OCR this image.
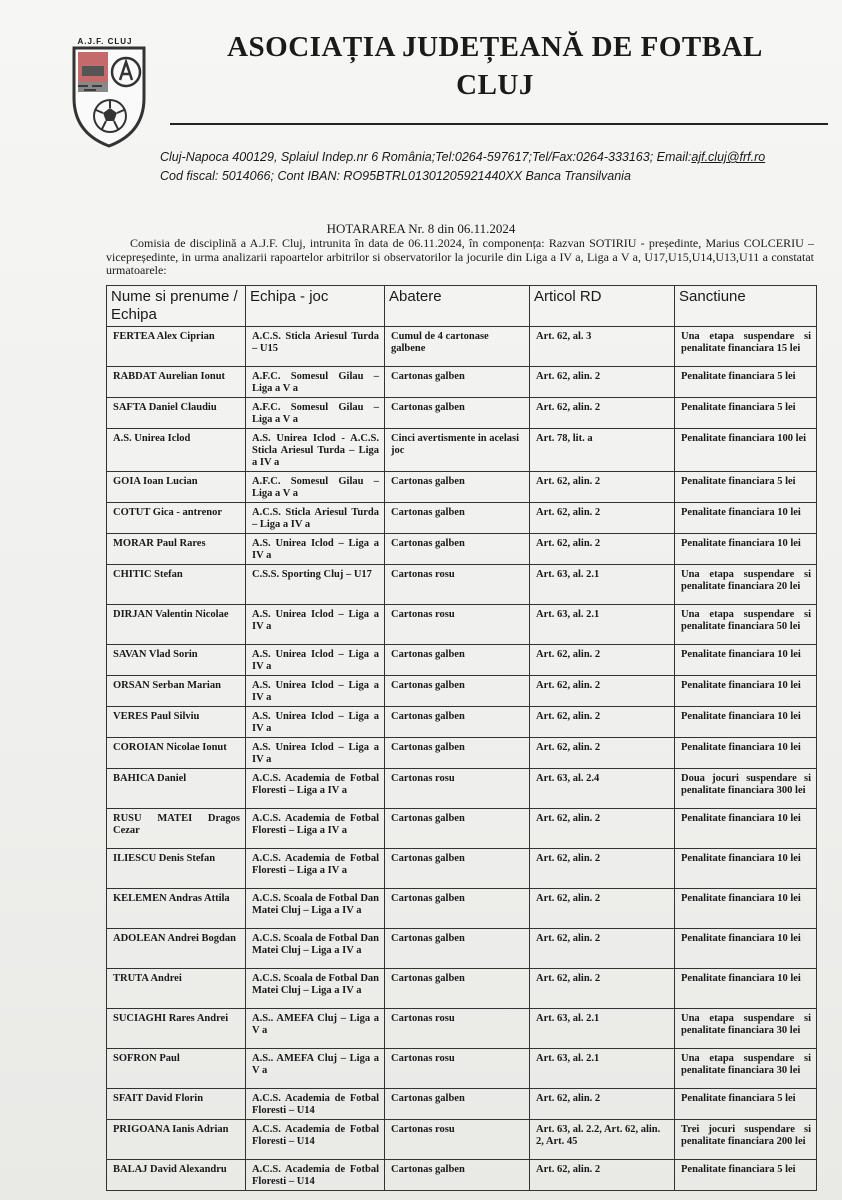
A.J.F. CLUJ	ASOCIAȚIA JUDEȚEANĂ DE FOTBAL
CLUJ
Cluj-Napoca 400129, Splaiul Indep.nr 6 România;Tel:0264-597617;Tel/Fax:0264-333163; Email:ajf.cluj@frf.ro
Cod fiscal: 5014066; Cont IBAN: RO95BTRL01301205921440XX Banca Transilvania
HOTARAREA Nr. 8 din 06.11.2024
Comisia de disciplină a A.J.F. Cluj, intrunita în data de 06.11.2024, în componența: Razvan SOTIRIU - președinte, Marius COLCERIU – vicepreședinte, in urma analizarii rapoartelor arbitrilor si observatorilor la jocurile din Liga a IV a, Liga a V a, U17,U15,U14,U13,U11 a constatat urmatoarele:
Nume si prenume / Echipa	Echipa - joc	Abatere	Articol RD	Sanctiune
FERTEA Alex Ciprian	A.C.S. Sticla Ariesul Turda – U15	Cumul de 4 cartonase galbene	Art. 62, al. 3	Una etapa suspendare si penalitate financiara 15 lei
RABDAT Aurelian Ionut	A.F.C. Somesul Gilau – Liga a V a	Cartonas galben	Art. 62, alin. 2	Penalitate financiara 5 lei
SAFTA Daniel Claudiu	A.F.C. Somesul Gilau – Liga a V a	Cartonas galben	Art. 62, alin. 2	Penalitate financiara 5 lei
A.S. Unirea Iclod	A.S. Unirea Iclod - A.C.S. Sticla Ariesul Turda – Liga a IV a	Cinci avertismente in acelasi joc	Art. 78, lit. a	Penalitate financiara 100 lei
GOIA Ioan Lucian	A.F.C. Somesul Gilau – Liga a V a	Cartonas galben	Art. 62, alin. 2	Penalitate financiara 5 lei
COTUT Gica - antrenor	A.C.S. Sticla Ariesul Turda – Liga a IV a	Cartonas galben	Art. 62, alin. 2	Penalitate financiara 10 lei
MORAR Paul Rares	A.S. Unirea Iclod – Liga a IV a	Cartonas galben	Art. 62, alin. 2	Penalitate financiara 10 lei
CHITIC Stefan	C.S.S. Sporting Cluj – U17	Cartonas rosu	Art. 63, al. 2.1	Una etapa suspendare si penalitate financiara 20 lei
DIRJAN Valentin Nicolae	A.S. Unirea Iclod – Liga a IV a	Cartonas rosu	Art. 63, al. 2.1	Una etapa suspendare si penalitate financiara 50 lei
SAVAN Vlad Sorin	A.S. Unirea Iclod – Liga a IV a	Cartonas galben	Art. 62, alin. 2	Penalitate financiara 10 lei
ORSAN Serban Marian	A.S. Unirea Iclod – Liga a IV a	Cartonas galben	Art. 62, alin. 2	Penalitate financiara 10 lei
VERES Paul Silviu	A.S. Unirea Iclod – Liga a IV a	Cartonas galben	Art. 62, alin. 2	Penalitate financiara 10 lei
COROIAN Nicolae Ionut	A.S. Unirea Iclod – Liga a IV a	Cartonas galben	Art. 62, alin. 2	Penalitate financiara 10 lei
BAHICA Daniel	A.C.S. Academia de Fotbal Floresti – Liga a IV a	Cartonas rosu	Art. 63, al. 2.4	Doua jocuri suspendare si penalitate financiara 300 lei
RUSU MATEI Dragos Cezar	A.C.S. Academia de Fotbal Floresti – Liga a IV a	Cartonas galben	Art. 62, alin. 2	Penalitate financiara 10 lei
ILIESCU Denis Stefan	A.C.S. Academia de Fotbal Floresti – Liga a IV a	Cartonas galben	Art. 62, alin. 2	Penalitate financiara 10 lei
KELEMEN Andras Attila	A.C.S. Scoala de Fotbal Dan Matei Cluj – Liga a IV a	Cartonas galben	Art. 62, alin. 2	Penalitate financiara 10 lei
ADOLEAN Andrei Bogdan	A.C.S. Scoala de Fotbal Dan Matei Cluj – Liga a IV a	Cartonas galben	Art. 62, alin. 2	Penalitate financiara 10 lei
TRUTA Andrei	A.C.S. Scoala de Fotbal Dan Matei Cluj – Liga a IV a	Cartonas galben	Art. 62, alin. 2	Penalitate financiara 10 lei
SUCIAGHI Rares Andrei	A.S.. AMEFA Cluj – Liga a V a	Cartonas rosu	Art. 63, al. 2.1	Una etapa suspendare si penalitate financiara 30 lei
SOFRON Paul	A.S.. AMEFA Cluj – Liga a V a	Cartonas rosu	Art. 63, al. 2.1	Una etapa suspendare si penalitate financiara 30 lei
SFAIT David Florin	A.C.S. Academia de Fotbal Floresti – U14	Cartonas galben	Art. 62, alin. 2	Penalitate financiara 5 lei
PRIGOANA Ianis Adrian	A.C.S. Academia de Fotbal Floresti – U14	Cartonas rosu	Art. 63, al. 2.2, Art. 62, alin. 2, Art. 45	Trei jocuri suspendare si penalitate financiara 200 lei
BALAJ David Alexandru	A.C.S. Academia de Fotbal Floresti – U14	Cartonas galben	Art. 62, alin. 2	Penalitate financiara 5 lei
